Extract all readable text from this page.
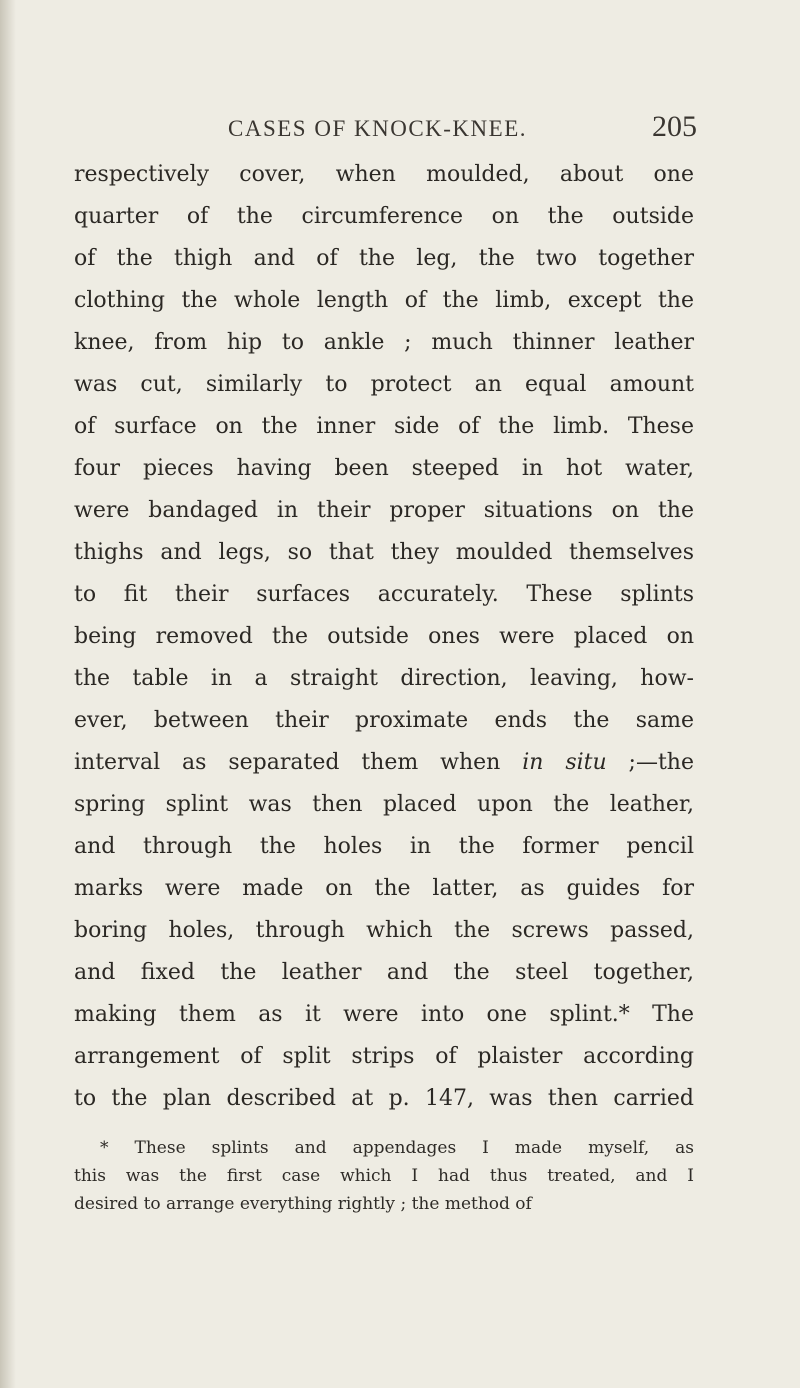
CASES OF KNOCK-KNEE.	205
respectively cover, when moulded, about one
quarter of the circumference on the outside
of the thigh and of the leg, the two together
clothing the whole length of the limb, except the
knee, from hip to ankle ; much thinner leather
was cut, similarly to protect an equal amount
of surface on the inner side of the limb. These
four pieces having been steeped in hot water,
were bandaged in their proper situations on the
thighs and legs, so that they moulded themselves
to fit their surfaces accurately. These splints
being removed the outside ones were placed on
the table in a straight direction, leaving, how-
ever, between their proximate ends the same
interval as separated them when in situ ;—the
spring splint was then placed upon the leather,
and through the holes in the former pencil
marks were made on the latter, as guides for
boring holes, through which the screws passed,
and fixed the leather and the steel together,
making them as it were into one splint.* The
arrangement of split strips of plaister according
to the plan described at p. 147, was then carried
* These splints and appendages I made myself, as
this was the first case which I had thus treated, and I
desired to arrange everything rightly ; the method of
